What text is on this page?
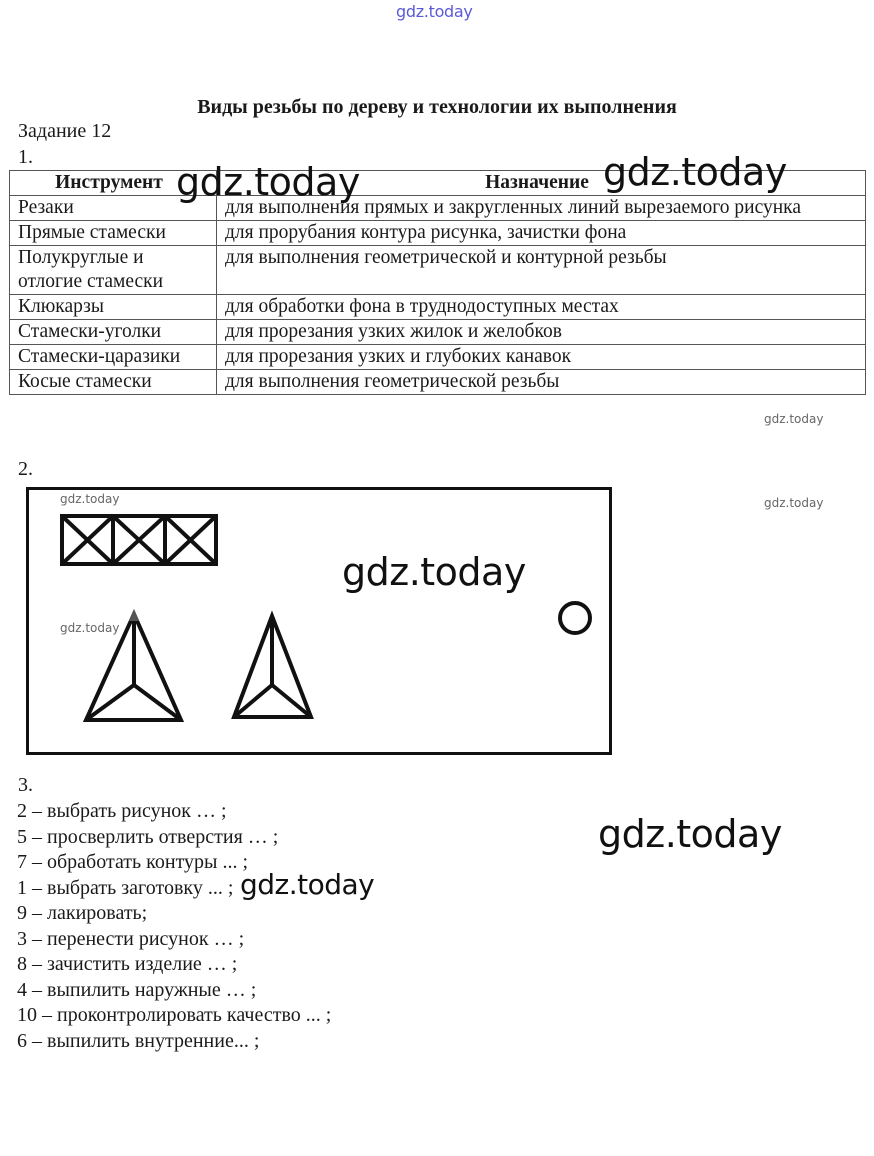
gdz.today
Виды резьбы по дереву и технологии их выполнения
Задание 12
1.
Инструмент	Назначение
Резаки	для выполнения прямых и закругленных линий вырезаемого рисунка
Прямые стамески	для прорубания контура рисунка, зачистки фона
Полукруглые и отлогие стамески	для выполнения геометрической и контурной резьбы
Клюкарзы	для обработки фона в труднодоступных местах
Стамески-уголки	для прорезания узких жилок и желобков
Стамески-царазики	для прорезания узких и глубоких канавок
Косые стамески	для выполнения геометрической резьбы
gdz.today	gdz.today
gdz.today
2.
gdz.today
gdz.today
gdz.today
gdz.today
3.
2 – выбрать рисунок … ;
5 – просверлить отверстия … ;
7 – обработать контуры ... ;
1 – выбрать заготовку ... ;
9 – лакировать;
3 – перенести рисунок … ;
8 – зачистить изделие … ;
4 – выпилить наружные … ;
10 – проконтролировать качество ... ;
6 – выпилить внутренние... ;
gdz.today
gdz.today
